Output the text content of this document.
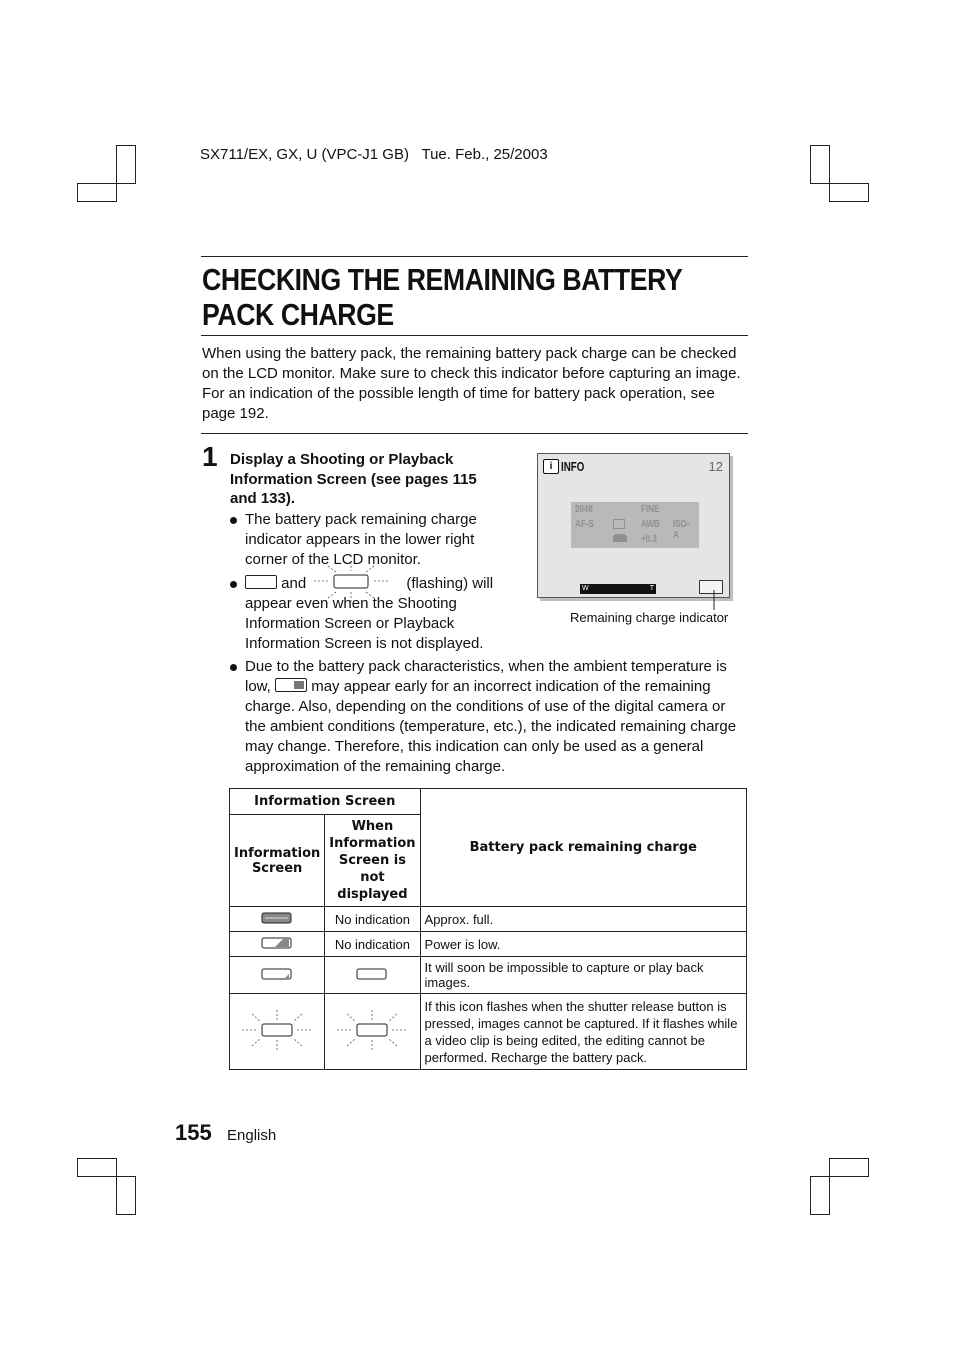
SX711/EX, GX, U (VPC-J1 GB) Tue. Feb., 25/2003
CHECKING THE REMAINING BATTERY PACK CHARGE
When using the battery pack, the remaining battery pack charge can be checked on the LCD monitor. Make sure to check this indicator before capturing an image. For an indication of the possible length of time for battery pack operation, see page 192.
1 Display a Shooting or Playback Information Screen (see pages 115 and 133).
The battery pack remaining charge indicator appears in the lower right corner of the LCD monitor.
and	(flashing) will appear even when the Shooting Information Screen or Playback Information Screen is not displayed.
Due to the battery pack characteristics, when the ambient temperature is low,	may appear early for an incorrect indication of the remaining charge. Also, depending on the conditions of use of the digital camera or the ambient conditions (temperature, etc.), the indicated remaining charge may change. Therefore, this indication can only be used as a general approximation of the remaining charge.
i INFO	12
2048
AF-S
FINE
AWB
+0.3
ISO-A
W	T
Remaining charge indicator
Information Screen		Battery pack remaining charge
Information Screen	When Information Screen is not displayed	
	No indication	Approx. full.
	No indication	Power is low.
		It will soon be impossible to capture or play back images.
		If this icon flashes when the shutter release button is pressed, images cannot be captured. If it flashes while a video clip is being edited, the editing cannot be performed. Recharge the battery pack.
155 English
